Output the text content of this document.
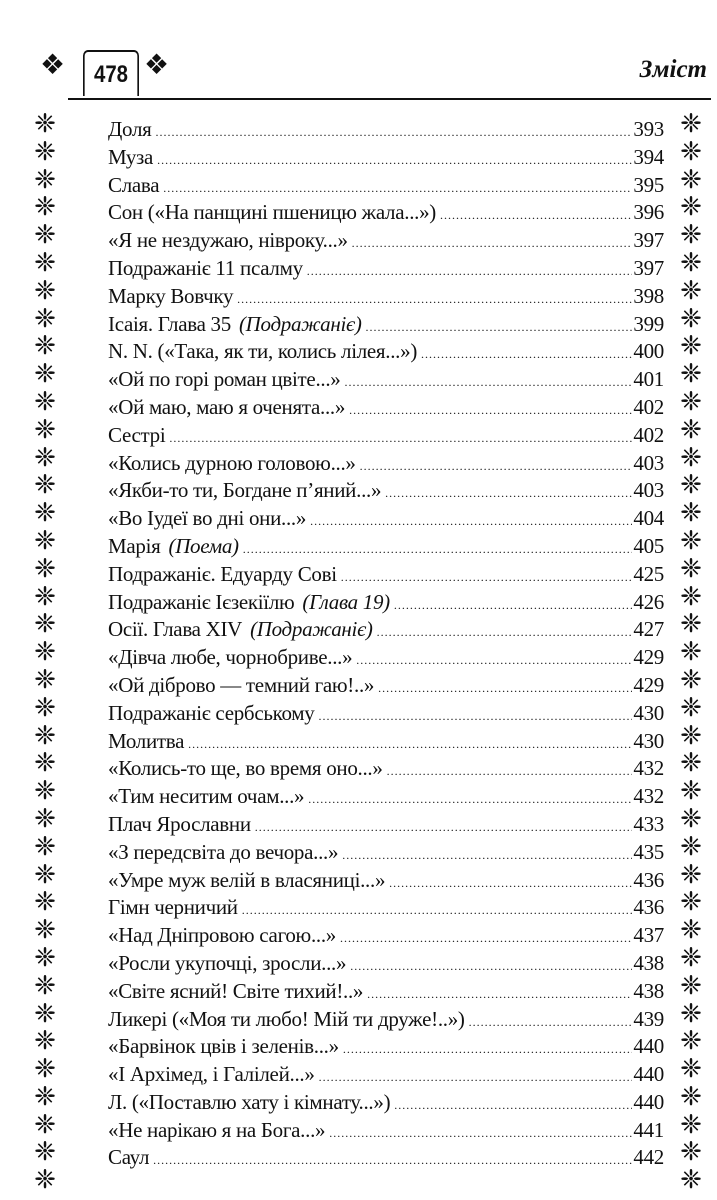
❖	478 ❖	Зміст
❈
❈
❈
❈
❈
❈
❈
❈
❈
❈
❈
❈
❈
❈
❈
❈
❈
❈
❈
❈
❈
❈
❈
❈
❈
❈
❈
❈
❈
❈
❈
❈
❈
❈
❈
❈
❈
❈
❈
❈
❈
❈
❈
❈
❈
❈
❈
❈
❈
❈
❈
❈
❈
❈
❈
❈
❈
❈
❈
❈
❈
❈
❈
❈
❈
❈
❈
❈
❈
❈
❈
❈
❈
❈
❈
❈
❈
❈
Доля .....	393
Муза .....	394
Слава .....	395
Сон («На панщині пшеницю жала...») .....	396
«Я не нездужаю, нівроку...» .....	397
Подражаніє 11 псалму .....	397
Марку Вовчку .....	398
Ісаія. Глава 35 (Подражаніє) .....	399
N. N. («Така, як ти, колись лілея...») .....	400
«Ой по горі роман цвіте...» .....	401
«Ой маю, маю я оченята...» .....	402
Сестрі .....	402
«Колись дурною головою...» .....	403
«Якби-то ти, Богдане п’яний...» .....	403
«Во Іудеї во дні они...» .....	404
Марія (Поема) .....	405
Подражаніє. Едуарду Сові .....	425
Подражаніє Ієзекіїлю (Глава 19) .....	426
Осії. Глава XIV (Подражаніє) .....	427
«Дівча любе, чорнобриве...» .....	429
«Ой діброво — темний гаю!..» .....	429
Подражаніє сербському .....	430
Молитва .....	430
«Колись-то ще, во время оно...» .....	432
«Тим неситим очам...» .....	432
Плач Ярославни .....	433
«З передсвіта до вечора...» .....	435
«Умре муж велій в власяниці...» .....	436
Гімн черничий .....	436
«Над Дніпровою сагою...» .....	437
«Росли укупочці, зросли...» .....	438
«Світе ясний! Світе тихий!..» .....	438
Ликері («Моя ти любо! Мій ти друже!..») .....	439
«Барвінок цвів і зеленів...» .....	440
«І Архімед, і Галілей...» .....	440
Л. («Поставлю хату і кімнату...») .....	440
«Не нарікаю я на Бога...» .....	441
Саул .....	442
